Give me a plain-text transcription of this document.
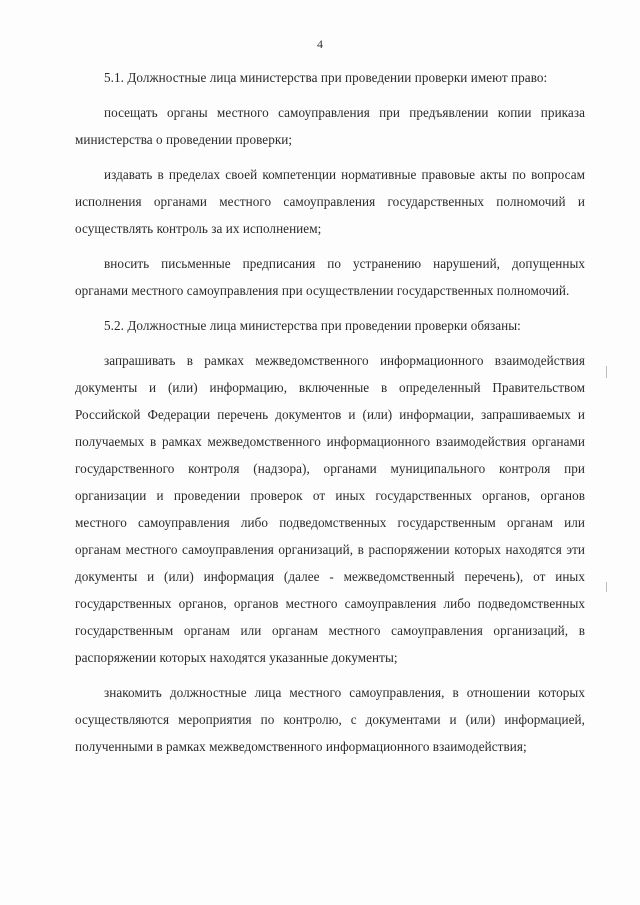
4

5.1. Должностные лица министерства при проведении проверки имеют право:

посещать органы местного самоуправления при предъявлении копии приказа министерства о проведении проверки;

издавать в пределах своей компетенции нормативные правовые акты по вопросам исполнения органами местного самоуправления государственных полномочий и осуществлять контроль за их исполнением;

вносить письменные предписания по устранению нарушений, допущенных органами местного самоуправления при осуществлении государственных полномочий.

5.2. Должностные лица министерства при проведении проверки обязаны:

запрашивать в рамках межведомственного информационного взаимодействия документы и (или) информацию, включенные в определенный Правительством Российской Федерации перечень документов и (или) информации, запрашиваемых и получаемых в рамках межведомственного информационного взаимодействия органами государственного контроля (надзора), органами муниципального контроля при организации и проведении проверок от иных государственных органов, органов местного самоуправления либо подведомственных государственным органам или органам местного самоуправления организаций, в распоряжении которых находятся эти документы и (или) информация (далее - межведомственный перечень), от иных государственных органов, органов местного самоуправления либо подведомственных государственным органам или органам местного самоуправления организаций, в распоряжении которых находятся указанные документы;

знакомить должностные лица местного самоуправления, в отношении которых осуществляются мероприятия по контролю, с документами и (или) информацией, полученными в рамках межведомственного информационного взаимодействия;
